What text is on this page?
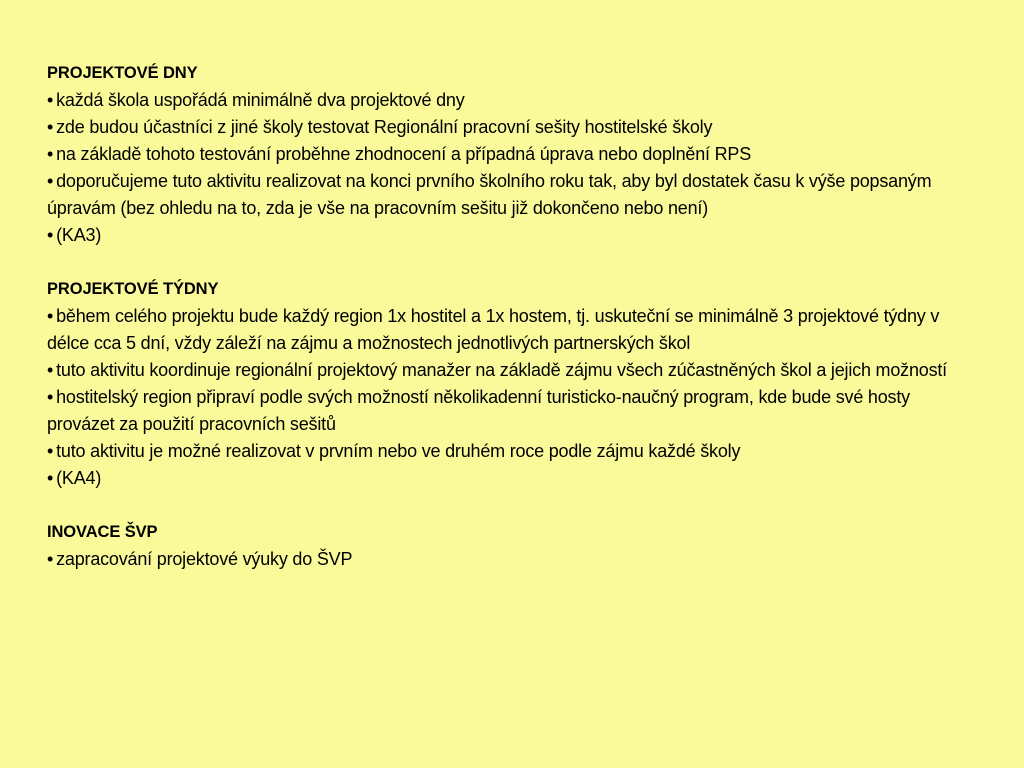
PROJEKTOVÉ DNY
• každá škola uspořádá minimálně dva projektové dny
• zde budou účastníci z jiné školy testovat Regionální pracovní sešity hostitelské školy
• na základě tohoto testování proběhne zhodnocení a případná úprava nebo doplnění RPS
• doporučujeme tuto aktivitu realizovat na konci prvního školního roku tak, aby byl dostatek času k výše popsaným úpravám (bez ohledu na to, zda je vše na pracovním sešitu již dokončeno nebo není)
• (KA3)
PROJEKTOVÉ TÝDNY
• během celého projektu bude každý region 1x hostitel a 1x hostem, tj. uskuteční se minimálně 3 projektové týdny v délce cca 5 dní, vždy záleží na zájmu a možnostech jednotlivých partnerských škol
• tuto aktivitu koordinuje regionální projektový manažer na základě zájmu všech zúčastněných škol a jejich možností
• hostitelský region připraví podle svých možností několikadenní turisticko-naučný program, kde bude své hosty provázet za použití pracovních sešitů
• tuto aktivitu je možné realizovat v prvním nebo ve druhém roce podle zájmu každé školy
• (KA4)
INOVACE ŠVP
• zapracování projektové výuky do ŠVP
